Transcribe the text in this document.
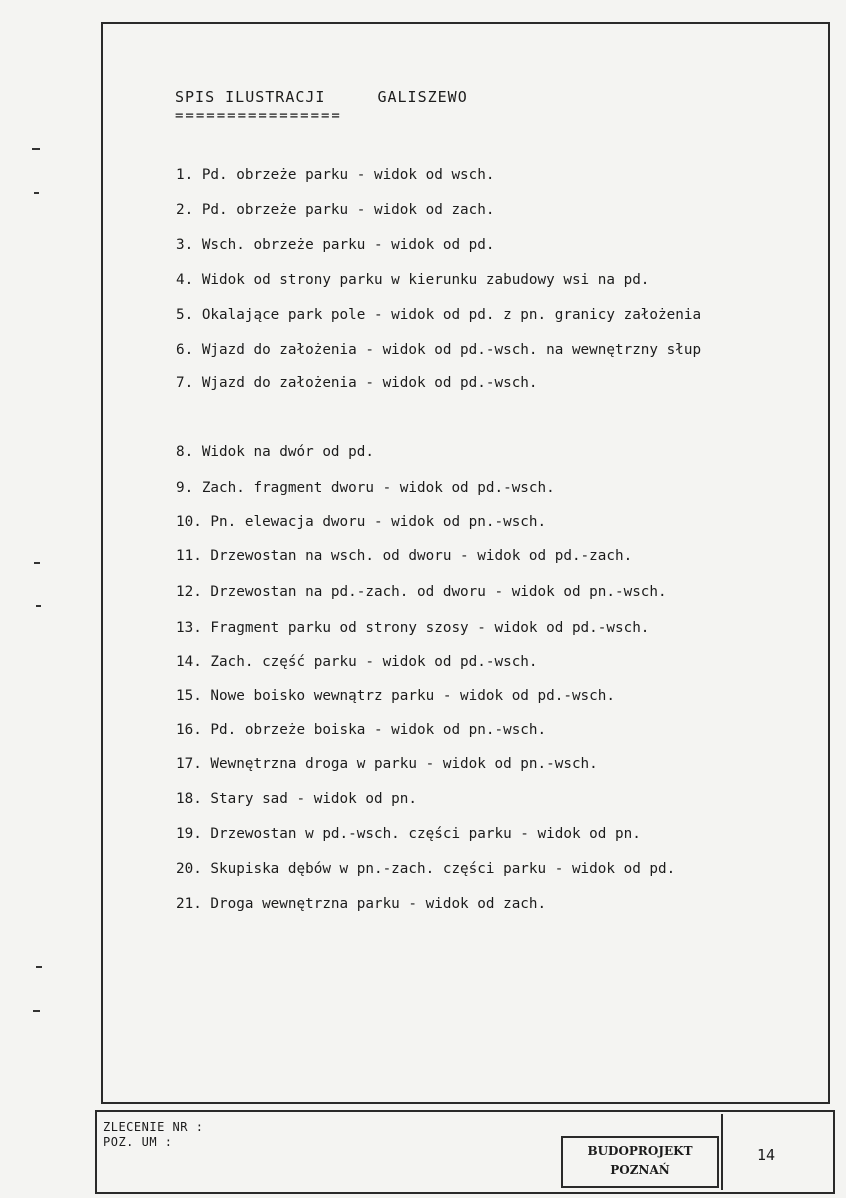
SPIS ILUSTRACJI	GALISZEWO
================
1. Pd. obrzeże parku - widok od wsch.
2. Pd. obrzeże parku - widok od zach.
3. Wsch. obrzeże parku - widok od pd.
4. Widok od strony parku w kierunku zabudowy wsi na pd.
5. Okalające park pole - widok od pd. z pn. granicy założenia
6. Wjazd do założenia - widok od pd.-wsch. na wewnętrzny słup
7. Wjazd do założenia - widok od pd.-wsch.
8. Widok na dwór od pd.
9. Zach. fragment dworu - widok od pd.-wsch.
10. Pn. elewacja dworu - widok od pn.-wsch.
11. Drzewostan na wsch. od dworu - widok od pd.-zach.
12. Drzewostan na pd.-zach. od dworu - widok od pn.-wsch.
13. Fragment parku od strony szosy - widok od pd.-wsch.
14. Zach. część parku - widok od pd.-wsch.
15. Nowe boisko wewnątrz parku - widok od pd.-wsch.
16. Pd. obrzeże boiska - widok od pn.-wsch.
17. Wewnętrzna droga w parku - widok od pn.-wsch.
18. Stary sad - widok od pn.
19. Drzewostan w pd.-wsch. części parku - widok od pn.
20. Skupiska dębów w pn.-zach. części parku - widok od pd.
21. Droga wewnętrzna parku - widok od zach.
ZLECENIE NR :
POZ. UM :
BUDOPROJEKT
POZNAŃ
14
